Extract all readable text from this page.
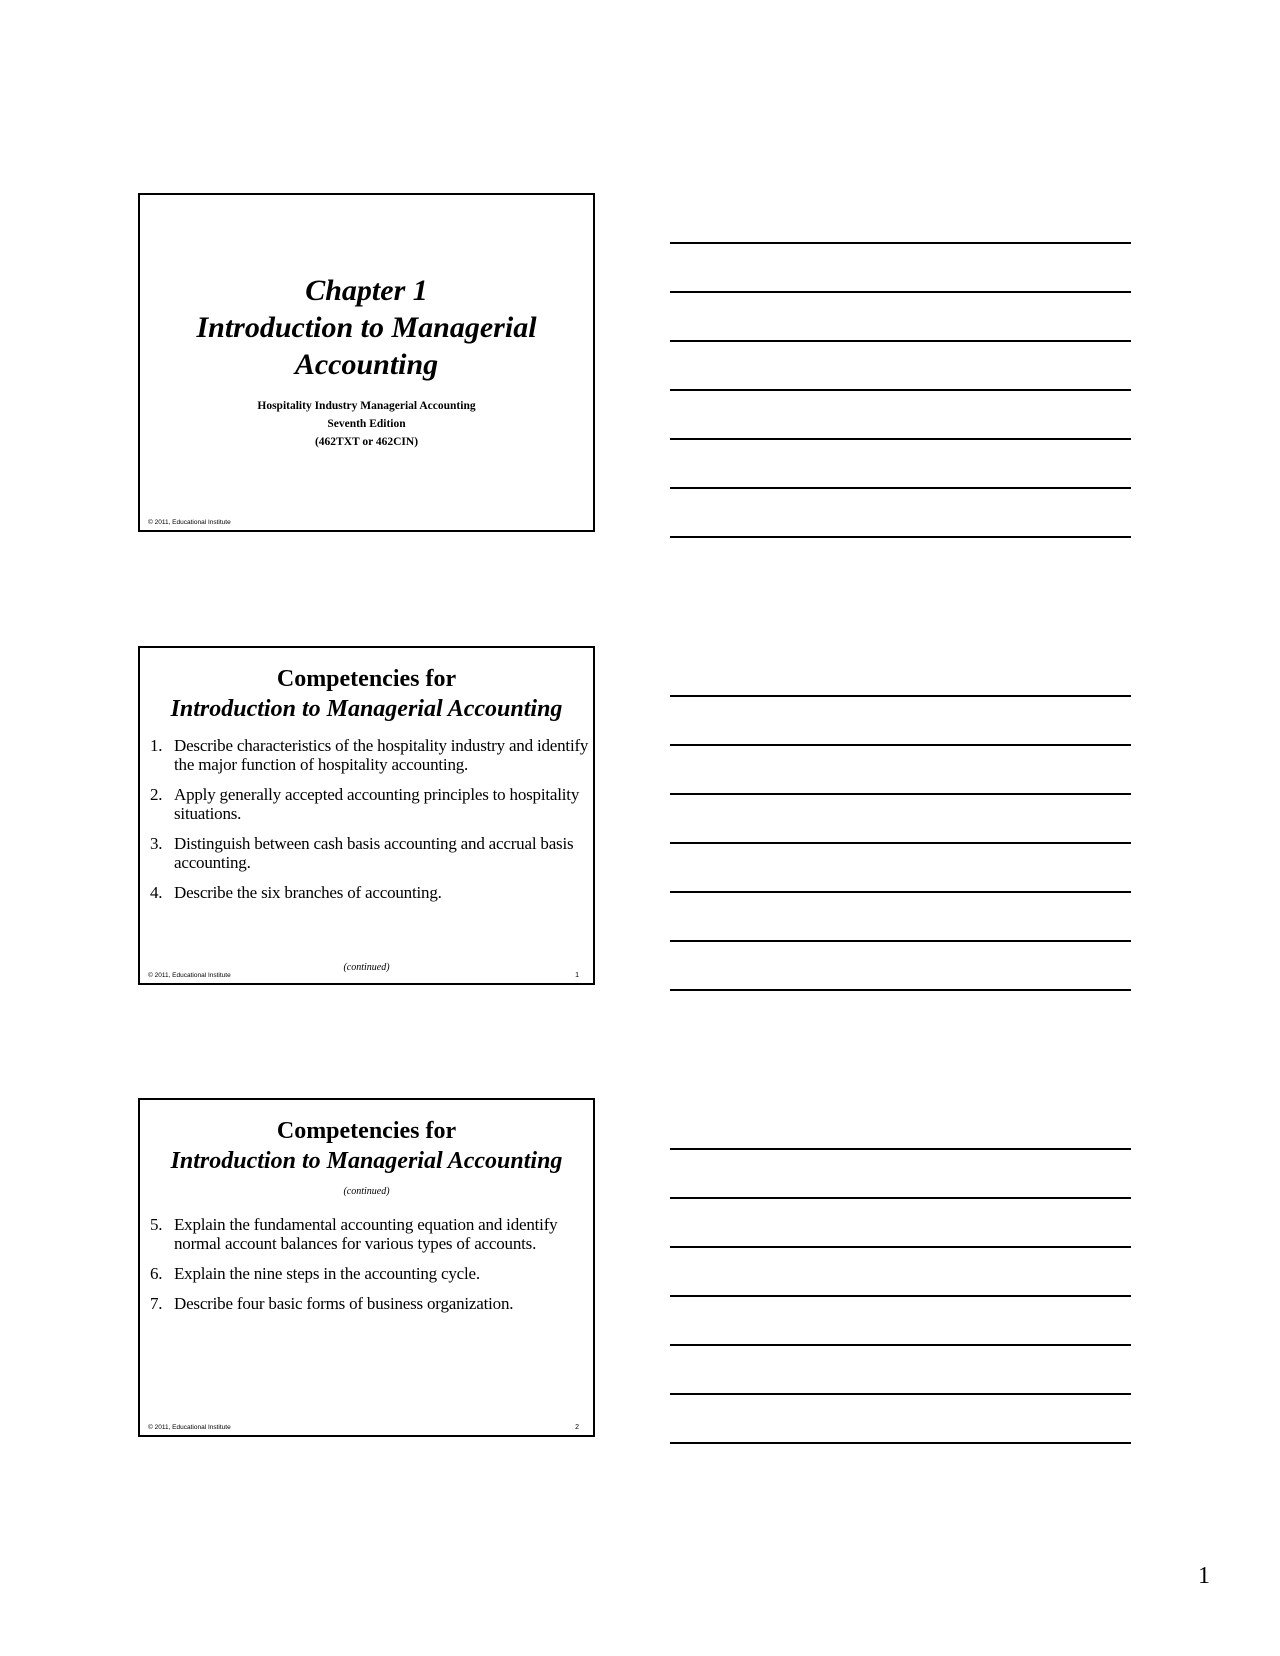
Chapter 1
Introduction to Managerial
Accounting
Hospitality Industry Managerial Accounting
Seventh Edition
(462TXT or 462CIN)
© 2011, Educational Institute
Competencies for
Introduction to Managerial Accounting
1. Describe characteristics of the hospitality industry and identify the major function of hospitality accounting.
2. Apply generally accepted accounting principles to hospitality situations.
3. Distinguish between cash basis accounting and accrual basis accounting.
4. Describe the six branches of accounting.
(continued)
© 2011, Educational Institute	1
Competencies for
Introduction to Managerial Accounting
(continued)
5. Explain the fundamental accounting equation and identify normal account balances for various types of accounts.
6. Explain the nine steps in the accounting cycle.
7. Describe four basic forms of business organization.
© 2011, Educational Institute	2
1
